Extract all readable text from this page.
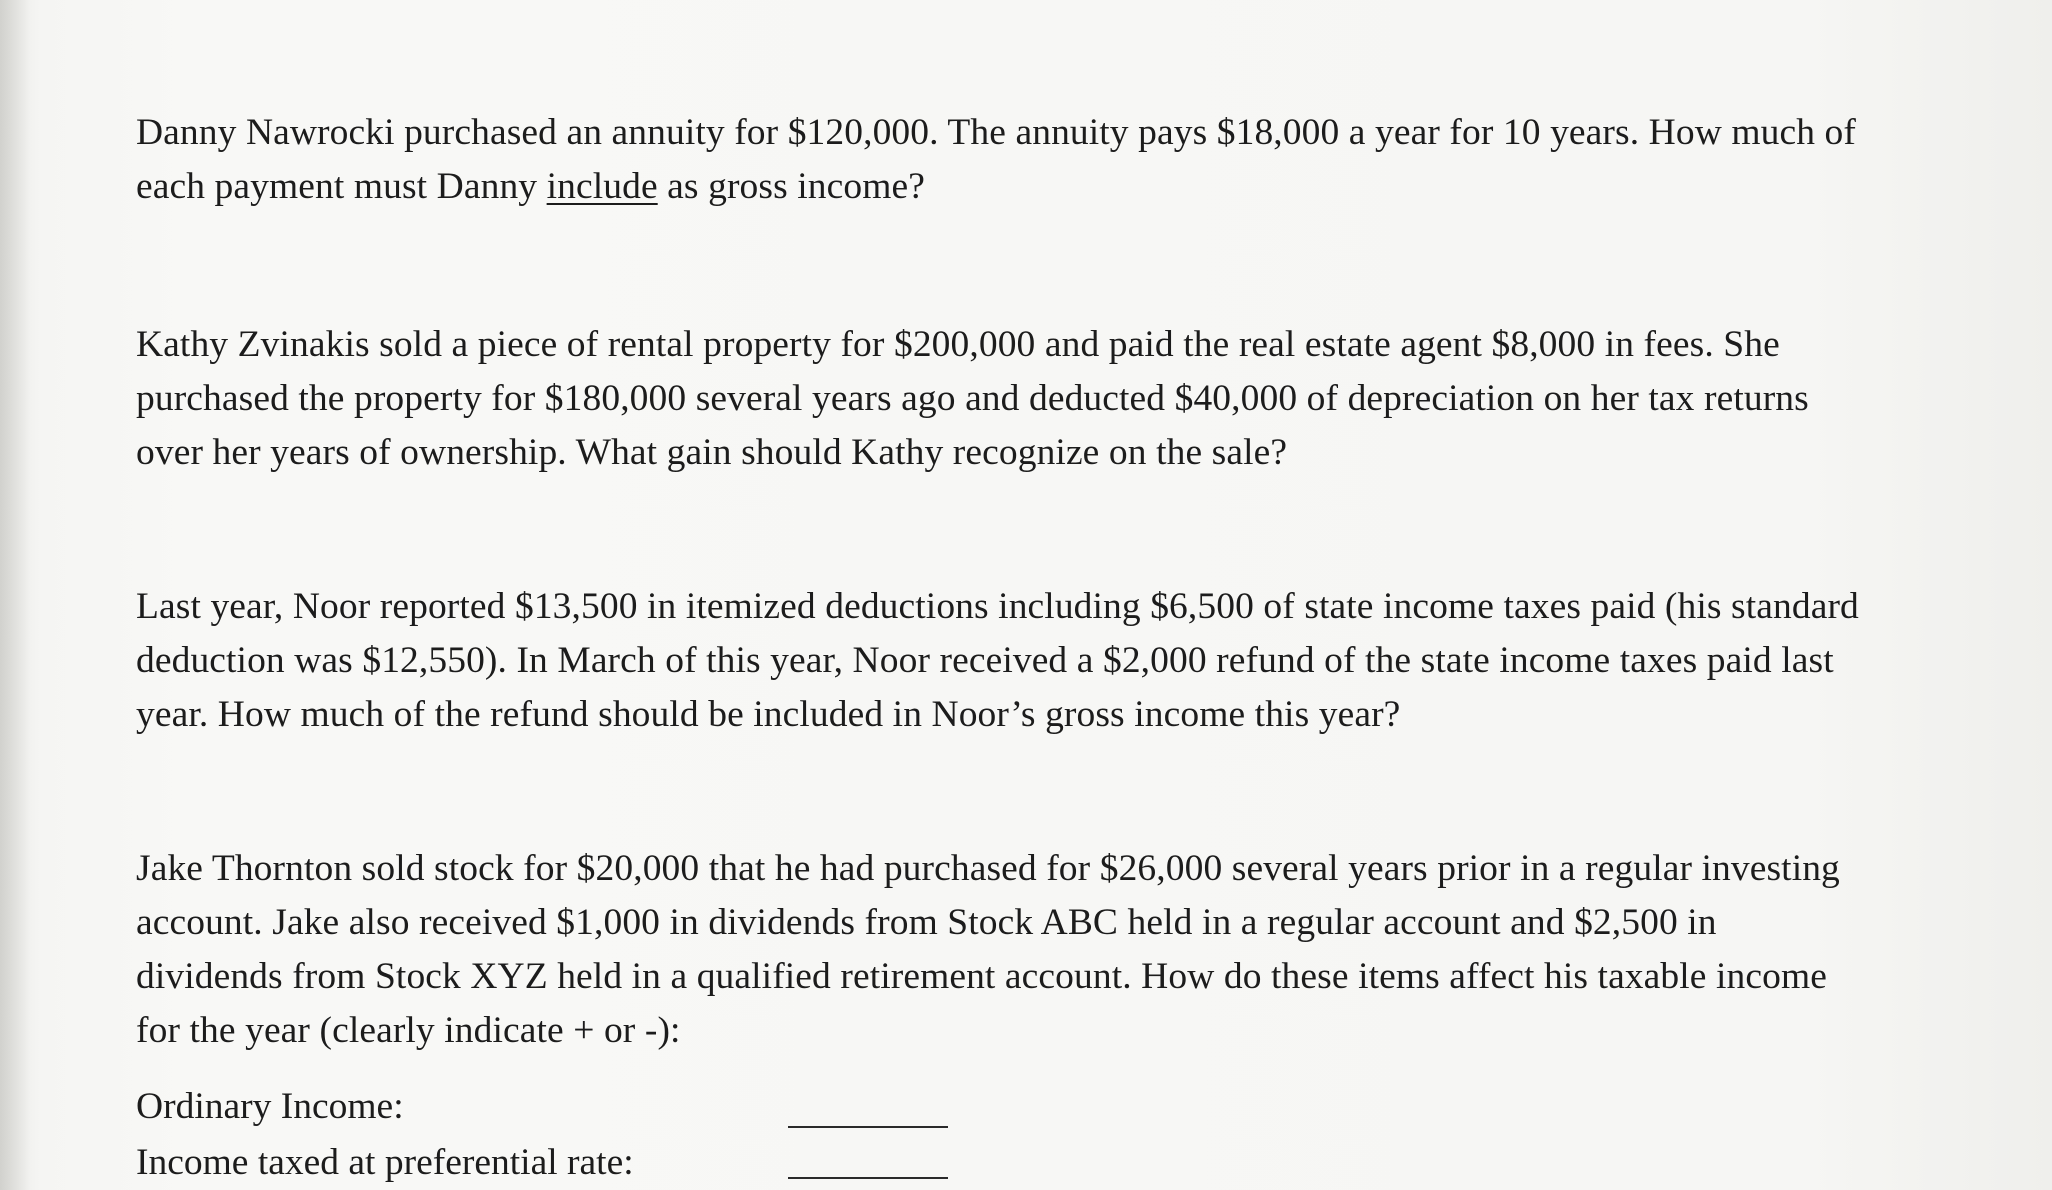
Danny Nawrocki purchased an annuity for $120,000. The annuity pays $18,000 a year for 10 years. How much of

each payment must Danny include as gross income?

Kathy Zvinakis sold a piece of rental property for $200,000 and paid the real estate agent $8,000 in fees. She

purchased the property for $180,000 several years ago and deducted $40,000 of depreciation on her tax returns

over her years of ownership. What gain should Kathy recognize on the sale?

Last year, Noor reported $13,500 in itemized deductions including $6,500 of state income taxes paid (his standard

deduction was $12,550). In March of this year, Noor received a $2,000 refund of the state income taxes paid last

year. How much of the refund should be included in Noor’s gross income this year?

Jake Thornton sold stock for $20,000 that he had purchased for $26,000 several years prior in a regular investing

account. Jake also received $1,000 in dividends from Stock ABC held in a regular account and $2,500 in

dividends from Stock XYZ held in a qualified retirement account. How do these items affect his taxable income

for the year (clearly indicate + or -):

Ordinary Income:
Income taxed at preferential rate:
